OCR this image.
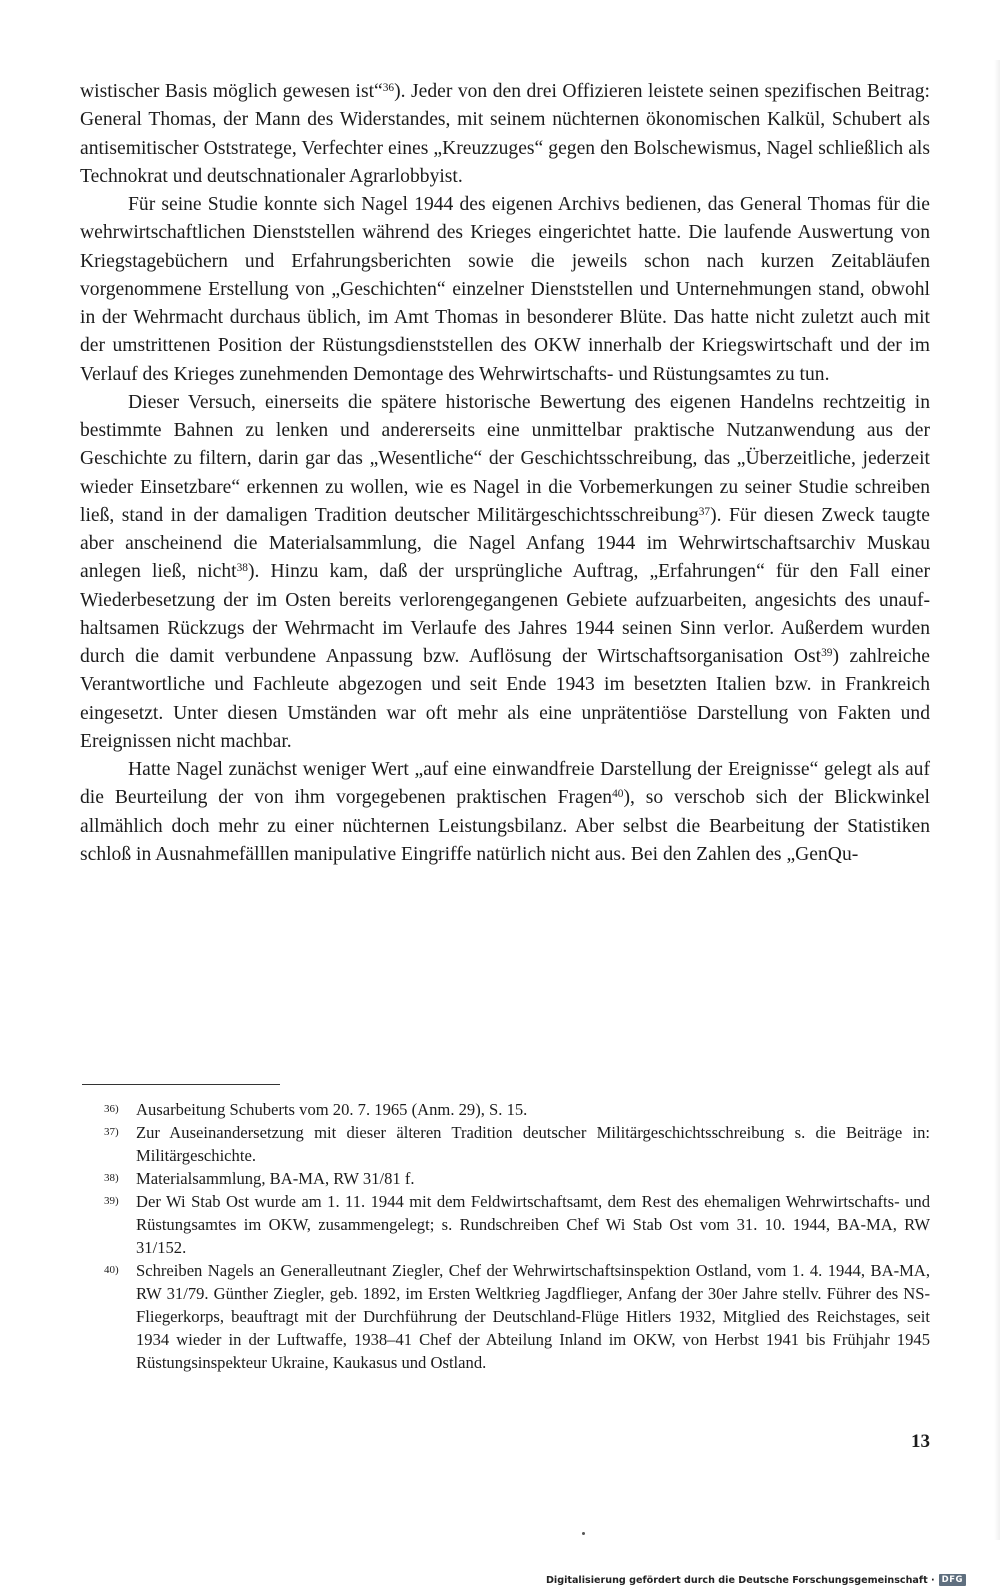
wistischer Basis möglich gewesen ist“$^{36}$). Jeder von den drei Offizieren leistete seinen spezifischen Beitrag: General Thomas, der Mann des Widerstandes, mit seinem nüchternen ökonomischen Kalkül, Schubert als antisemitischer Oststratege, Verfechter eines „Kreuzzuges“ gegen den Bolschewismus, Nagel schließlich als Technokrat und deutschnationaler Agrarlobbyist.

Für seine Studie konnte sich Nagel 1944 des eigenen Archivs bedienen, das General Thomas für die wehrwirtschaftlichen Dienststellen während des Krieges eingerichtet hatte. Die laufende Auswertung von Kriegstagebüchern und Erfahrungsberichten sowie die jeweils schon nach kurzen Zeitabläufen vorgenommene Erstellung von „Geschichten“ einzelner Dienststellen und Unternehmungen stand, obwohl in der Wehrmacht durchaus üblich, im Amt Thomas in besonderer Blüte. Das hatte nicht zuletzt auch mit der umstrittenen Position der Rüstungsdienststellen des OKW innerhalb der Kriegswirtschaft und der im Verlauf des Krieges zunehmenden Demontage des Wehrwirtschafts- und Rüstungsamtes zu tun.

Dieser Versuch, einerseits die spätere historische Bewertung des eigenen Handelns rechtzeitig in bestimmte Bahnen zu lenken und andererseits eine unmittelbar praktische Nutzanwendung aus der Geschichte zu filtern, darin gar das „Wesentliche“ der Geschichtsschreibung, das „Überzeitliche, jederzeit wieder Einsetzbare“ erkennen zu wollen, wie es Nagel in die Vorbemerkungen zu seiner Studie schreiben ließ, stand in der damaligen Tradition deutscher Militärgeschichtsschreibung$^{37}$). Für diesen Zweck taugte aber anscheinend die Materialsammlung, die Nagel Anfang 1944 im Wehrwirtschaftsarchiv Muskau anlegen ließ, nicht$^{38}$). Hinzu kam, daß der ursprüngliche Auftrag, „Erfahrungen“ für den Fall einer Wiederbesetzung der im Osten bereits verlorengegangenen Gebiete aufzuarbeiten, angesichts des unaufhaltsamen Rückzugs der Wehrmacht im Verlaufe des Jahres 1944 seinen Sinn verlor. Außerdem wurden durch die damit verbundene Anpassung bzw. Auflösung der Wirtschaftsorganisation Ost$^{39}$) zahlreiche Verantwortliche und Fachleute abgezogen und seit Ende 1943 im besetzten Italien bzw. in Frankreich eingesetzt. Unter diesen Umständen war oft mehr als eine unprätentiöse Darstellung von Fakten und Ereignissen nicht machbar.

Hatte Nagel zunächst weniger Wert „auf eine einwandfreie Darstellung der Ereignisse“ gelegt als auf die Beurteilung der von ihm vorgegebenen praktischen Fragen$^{40}$), so verschob sich der Blickwinkel allmählich doch mehr zu einer nüchternen Leistungsbilanz. Aber selbst die Bearbeitung der Statistiken schloß in Ausnahmefälllen manipulative Eingriffe natürlich nicht aus. Bei den Zahlen des „GenQu-

36)	Ausarbeitung Schuberts vom 20. 7. 1965 (Anm. 29), S. 15.
37)	Zur Auseinandersetzung mit dieser älteren Tradition deutscher Militärgeschichtsschreibung s. die Beiträge in: Militärgeschichte.
38)	Materialsammlung, BA-MA, RW 31/81 f.
39)	Der Wi Stab Ost wurde am 1. 11. 1944 mit dem Feldwirtschaftsamt, dem Rest des ehemaligen Wehrwirtschafts- und Rüstungsamtes im OKW, zusammengelegt; s. Rundschreiben Chef Wi Stab Ost vom 31. 10. 1944, BA-MA, RW 31/152.
40)	Schreiben Nagels an Generalleutnant Ziegler, Chef der Wehrwirtschaftsinspektion Ostland, vom 1. 4. 1944, BA-MA, RW 31/79. Günther Ziegler, geb. 1892, im Ersten Weltkrieg Jagdflieger, Anfang der 30er Jahre stellv. Führer des NS-Fliegerkorps, beauftragt mit der Durchführung der Deutschland-Flüge Hitlers 1932, Mitglied des Reichstages, seit 1934 wieder in der Luftwaffe, 1938–41 Chef der Abteilung Inland im OKW, von Herbst 1941 bis Frühjahr 1945 Rüstungsinspekteur Ukraine, Kaukasus und Ostland.
13
Digitalisierung gefördert durch die Deutsche Forschungsgemeinschaft · DFG
